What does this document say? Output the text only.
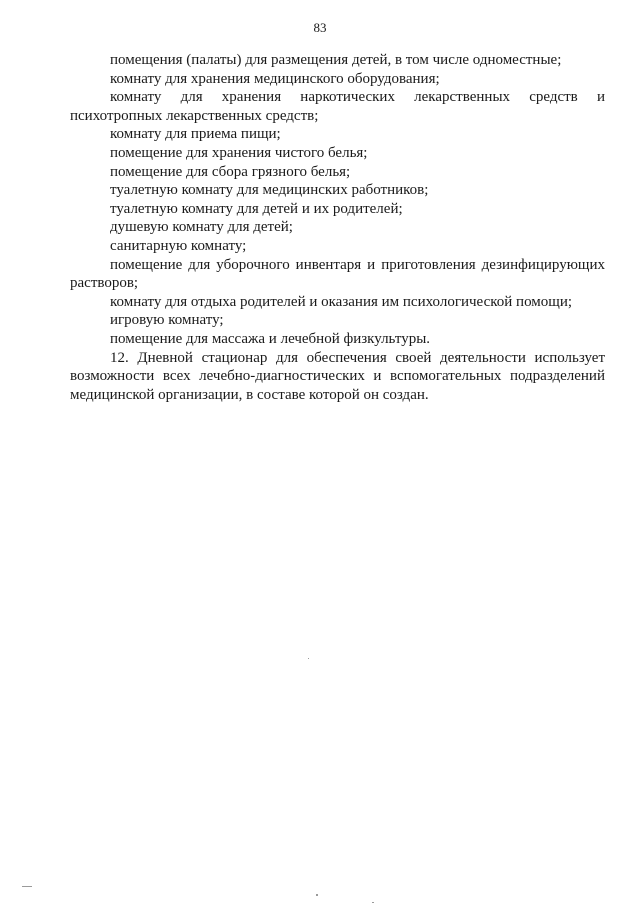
83

помещения (палаты) для размещения детей, в том числе одноместные;

комнату для хранения медицинского оборудования;

комнату для хранения наркотических лекарственных средств и психотропных лекарственных средств;

комнату для приема пищи;

помещение для хранения чистого белья;

помещение для сбора грязного белья;

туалетную комнату для медицинских работников;

туалетную комнату для детей и их родителей;

душевую комнату для детей;

санитарную комнату;

помещение для уборочного инвентаря и приготовления дезинфицирующих растворов;

комнату для отдыха родителей и оказания им психологической помощи;

игровую комнату;

помещение для массажа и лечебной физкультуры.

12. Дневной стационар для обеспечения своей деятельности использует возможности всех лечебно-диагностических и вспомогательных подразделений медицинской организации, в составе которой он создан.
